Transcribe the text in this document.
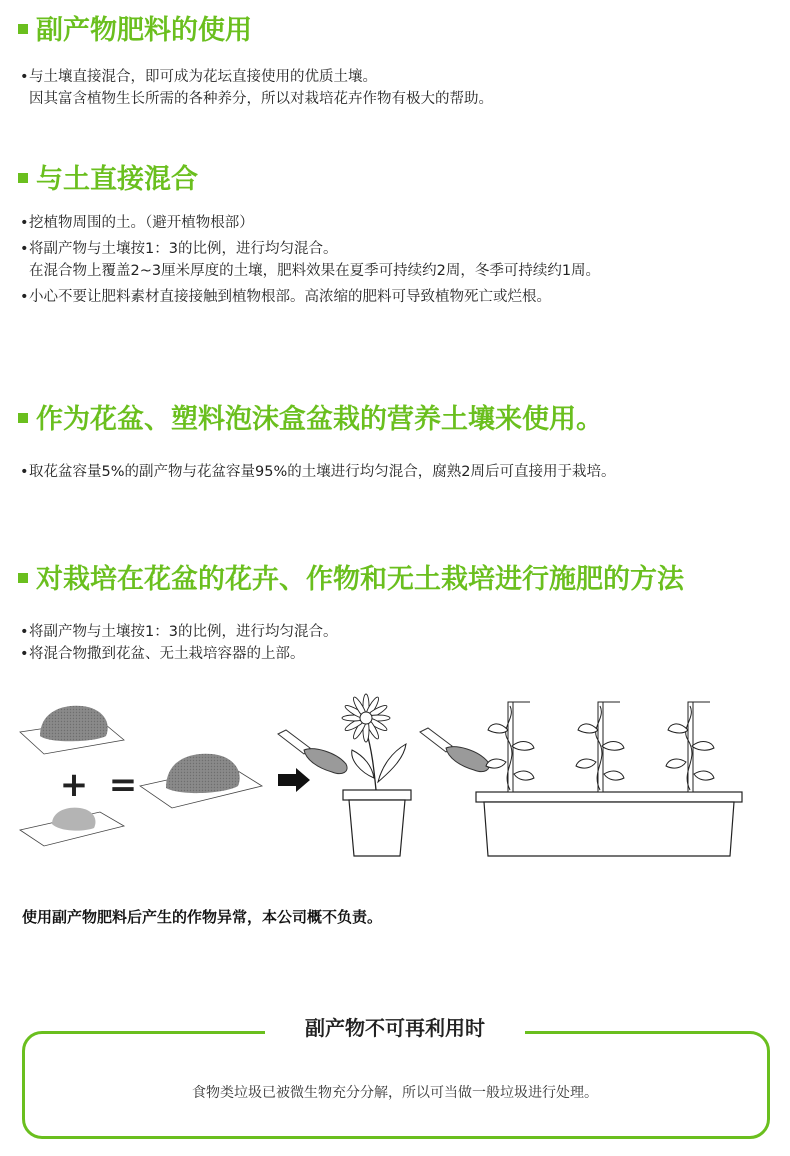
副产物肥料的使用
•与土壤直接混合，即可成为花坛直接使用的优质土壤。
因其富含植物生长所需的各种养分，所以对栽培花卉作物有极大的帮助。
与土直接混合
•挖植物周围的土。（避开植物根部）
•将副产物与土壤按1：3的比例，进行均匀混合。
在混合物上覆盖2~3厘米厚度的土壤，肥料效果在夏季可持续约2周，冬季可持续约1周。
•小心不要让肥料素材直接接触到植物根部。高浓缩的肥料可导致植物死亡或烂根。
作为花盆、塑料泡沫盒盆栽的营养土壤来使用。
•取花盆容量5%的副产物与花盆容量95%的土壤进行均匀混合，腐熟2周后可直接用于栽培。
对栽培在花盆的花卉、作物和无土栽培进行施肥的方法
•将副产物与土壤按1：3的比例，进行均匀混合。
•将混合物撒到花盆、无土栽培容器的上部。
+ =
使用副产物肥料后产生的作物异常，本公司概不负责。
副产物不可再利用时
食物类垃圾已被微生物充分分解，所以可当做一般垃圾进行处理。
